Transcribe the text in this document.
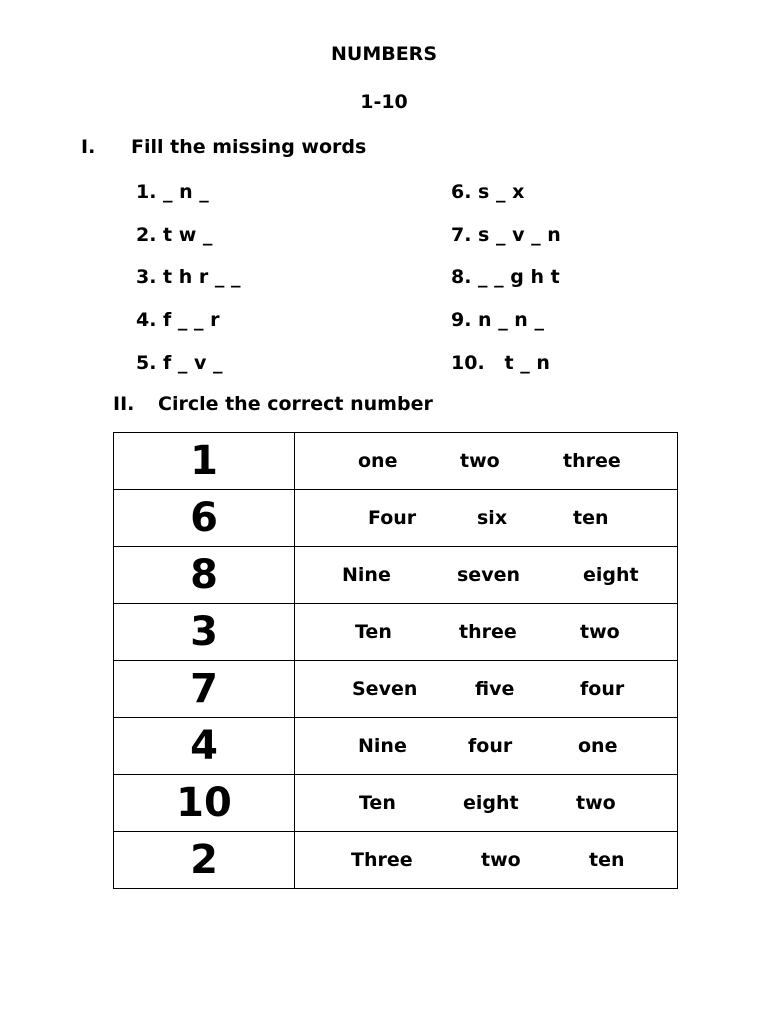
NUMBERS
1-10
I. Fill the missing words
1. _ n _
2. t w _
3. t h r _ _
4. f _ _ r
5. f _ v _
6. s _ x
7. s _ v _ n
8. _ _ g h t
9. n _ n _
10.   t _ n
II. Circle the correct number
1	one two three

6	Four six ten

8	Nine seven eight

3	Ten three two

7	Seven five four

4	Nine four one

10	Ten eight two

2	Three two ten
